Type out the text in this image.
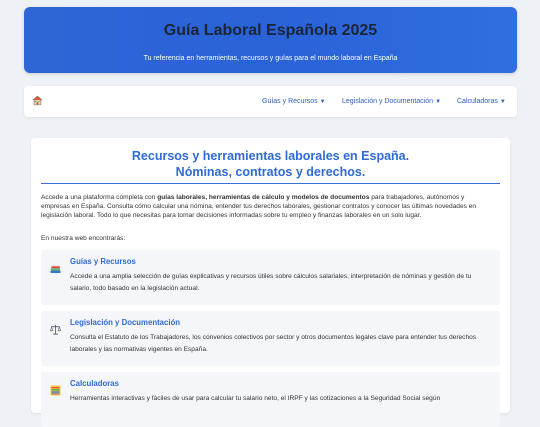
Guía Laboral Española 2025

Tu referencia en herramientas, recursos y guías para el mundo laboral en España

Guías y Recursos ▼ Legislación y Documentación ▼ Calculadoras ▼
Recursos y herramientas laborales en España.
Nóminas, contratos y derechos.

Accede a una plataforma completa con guías laborales, herramientas de cálculo y modelos de documentos para trabajadores, autónomos y empresas en España. Consulta cómo calcular una nómina, entender tus derechos laborales, gestionar contratos y conocer las últimas novedades en legislación laboral. Todo lo que necesitas para tomar decisiones informadas sobre tu empleo y finanzas laborales en un solo lugar.

En nuestra web encontrarás:

Guías y Recursos

Accede a una amplia selección de guías explicativas y recursos útiles sobre cálculos salariales, interpretación de nóminas y gestión de tu salario, todo basado en la legislación actual.

Legislación y Documentación

Consulta el Estatuto de los Trabajadores, los convenios colectivos por sector y otros documentos legales clave para entender tus derechos laborales y las normativas vigentes en España.

Calculadoras

Herramientas interactivas y fáciles de usar para calcular tu salario neto, el IRPF y las cotizaciones a la Seguridad Social según
